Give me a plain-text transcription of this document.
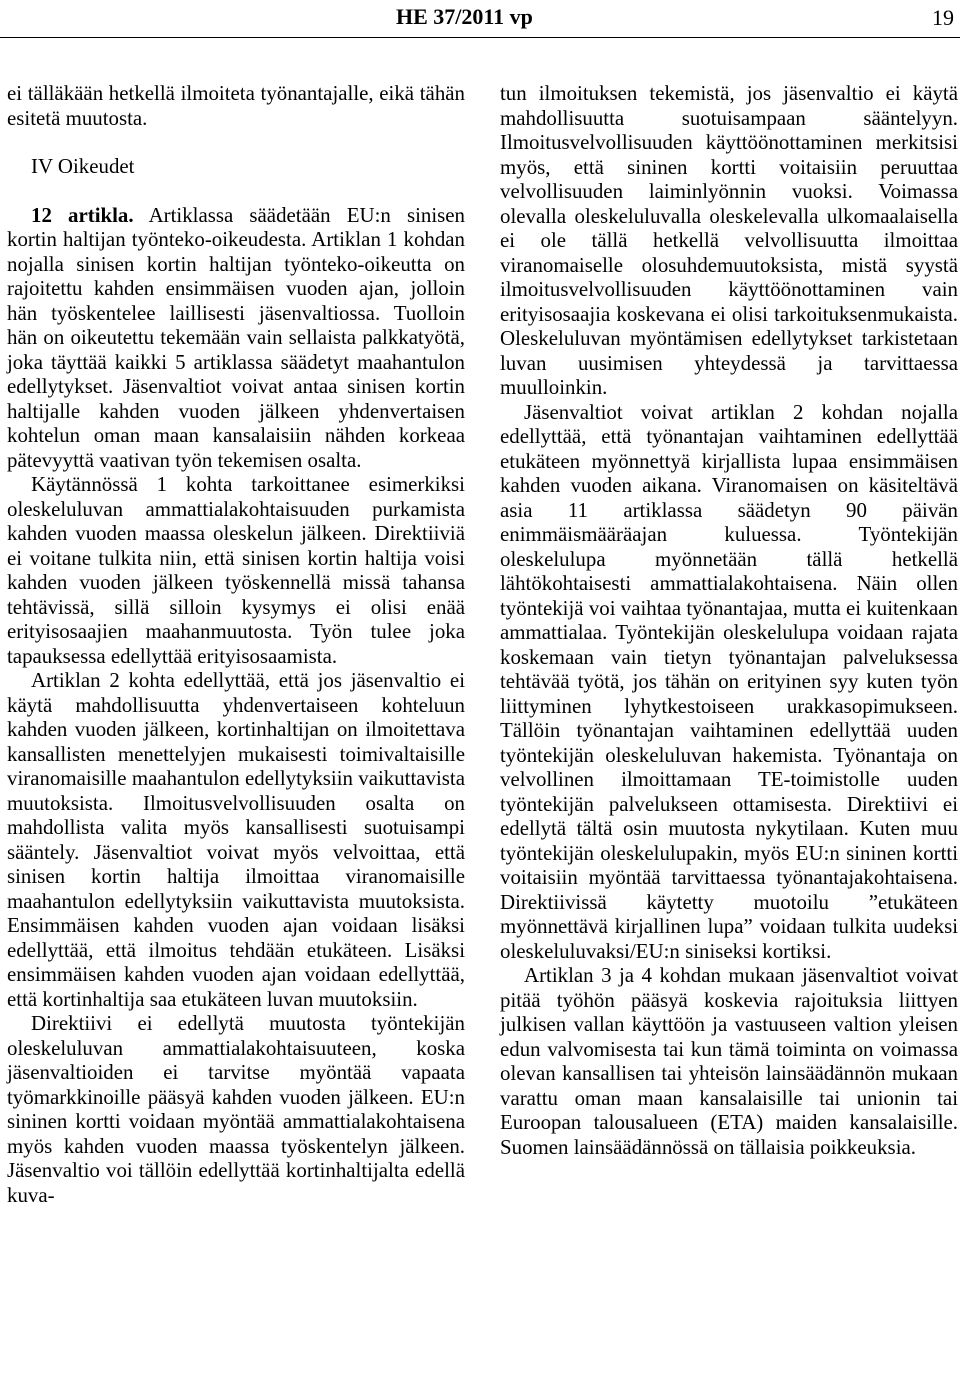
HE 37/2011 vp	19

ei tälläkään hetkellä ilmoiteta työnantajalle, eikä tähän esitetä muutosta.

IV Oikeudet

12 artikla. Artiklassa säädetään EU:n sinisen kortin haltijan työnteko-oikeudesta. Artiklan 1 kohdan nojalla sinisen kortin haltijan työnteko-oikeutta on rajoitettu kahden ensimmäisen vuoden ajan, jolloin hän työskentelee laillisesti jäsenvaltiossa. Tuolloin hän on oikeutettu tekemään vain sellaista palkkatyötä, joka täyttää kaikki 5 artiklassa säädetyt maahantulon edellytykset. Jäsenvaltiot voivat antaa sinisen kortin haltijalle kahden vuoden jälkeen yhdenvertaisen kohtelun oman maan kansalaisiin nähden korkeaa pätevyyttä vaativan työn tekemisen osalta.

Käytännössä 1 kohta tarkoittanee esimerkiksi oleskeluluvan ammattialakohtaisuuden purkamista kahden vuoden maassa oleskelun jälkeen. Direktiiviä ei voitane tulkita niin, että sinisen kortin haltija voisi kahden vuoden jälkeen työskennellä missä tahansa tehtävissä, sillä silloin kysymys ei olisi enää erityisosaajien maahanmuutosta. Työn tulee joka tapauksessa edellyttää erityisosaamista.

Artiklan 2 kohta edellyttää, että jos jäsenvaltio ei käytä mahdollisuutta yhdenvertaiseen kohteluun kahden vuoden jälkeen, kortinhaltijan on ilmoitettava kansallisten menettelyjen mukaisesti toimivaltaisille viranomaisille maahantulon edellytyksiin vaikuttavista muutoksista. Ilmoitusvelvollisuuden osalta on mahdollista valita myös kansallisesti suotuisampi sääntely. Jäsenvaltiot voivat myös velvoittaa, että sinisen kortin haltija ilmoittaa viranomaisille maahantulon edellytyksiin vaikuttavista muutoksista. Ensimmäisen kahden vuoden ajan voidaan lisäksi edellyttää, että ilmoitus tehdään etukäteen. Lisäksi ensimmäisen kahden vuoden ajan voidaan edellyttää, että kortinhaltija saa etukäteen luvan muutoksiin.

Direktiivi ei edellytä muutosta työntekijän oleskeluluvan ammattialakohtaisuuteen, koska jäsenvaltioiden ei tarvitse myöntää vapaata työmarkkinoille pääsyä kahden vuoden jälkeen. EU:n sininen kortti voidaan myöntää ammattialakohtaisena myös kahden vuoden maassa työskentelyn jälkeen. Jäsenvaltio voi tällöin edellyttää kortinhaltijalta edellä kuva-

tun ilmoituksen tekemistä, jos jäsenvaltio ei käytä mahdollisuutta suotuisampaan sääntelyyn. Ilmoitusvelvollisuuden käyttöönottaminen merkitsisi myös, että sininen kortti voitaisiin peruuttaa velvollisuuden laiminlyönnin vuoksi. Voimassa olevalla oleskeluluvalla oleskelevalla ulkomaalaisella ei ole tällä hetkellä velvollisuutta ilmoittaa viranomaiselle olosuhdemuutoksista, mistä syystä ilmoitusvelvollisuuden käyttöönottaminen vain erityisosaajia koskevana ei olisi tarkoituksenmukaista. Oleskeluluvan myöntämisen edellytykset tarkistetaan luvan uusimisen yhteydessä ja tarvittaessa muulloinkin.

Jäsenvaltiot voivat artiklan 2 kohdan nojalla edellyttää, että työnantajan vaihtaminen edellyttää etukäteen myönnettyä kirjallista lupaa ensimmäisen kahden vuoden aikana. Viranomaisen on käsiteltävä asia 11 artiklassa säädetyn 90 päivän enimmäismääräajan kuluessa. Työntekijän oleskelulupa myönnetään tällä hetkellä lähtökohtaisesti ammattialakohtaisena. Näin ollen työntekijä voi vaihtaa työnantajaa, mutta ei kuitenkaan ammattialaa. Työntekijän oleskelulupa voidaan rajata koskemaan vain tietyn työnantajan palveluksessa tehtävää työtä, jos tähän on erityinen syy kuten työn liittyminen lyhytkestoiseen urakkasopimukseen. Tällöin työnantajan vaihtaminen edellyttää uuden työntekijän oleskeluluvan hakemista. Työnantaja on velvollinen ilmoittamaan TE-toimistolle uuden työntekijän palvelukseen ottamisesta. Direktiivi ei edellytä tältä osin muutosta nykytilaan. Kuten muu työntekijän oleskelulupakin, myös EU:n sininen kortti voitaisiin myöntää tarvittaessa työnantajakohtaisena. Direktiivissä käytetty muotoilu ”etukäteen myönnettävä kirjallinen lupa” voidaan tulkita uudeksi oleskeluluvaksi/EU:n siniseksi kortiksi.

Artiklan 3 ja 4 kohdan mukaan jäsenvaltiot voivat pitää työhön pääsyä koskevia rajoituksia liittyen julkisen vallan käyttöön ja vastuuseen valtion yleisen edun valvomisesta tai kun tämä toiminta on voimassa olevan kansallisen tai yhteisön lainsäädännön mukaan varattu oman maan kansalaisille tai unionin tai Euroopan talousalueen (ETA) maiden kansalaisille. Suomen lainsäädännössä on tällaisia poikkeuksia.
